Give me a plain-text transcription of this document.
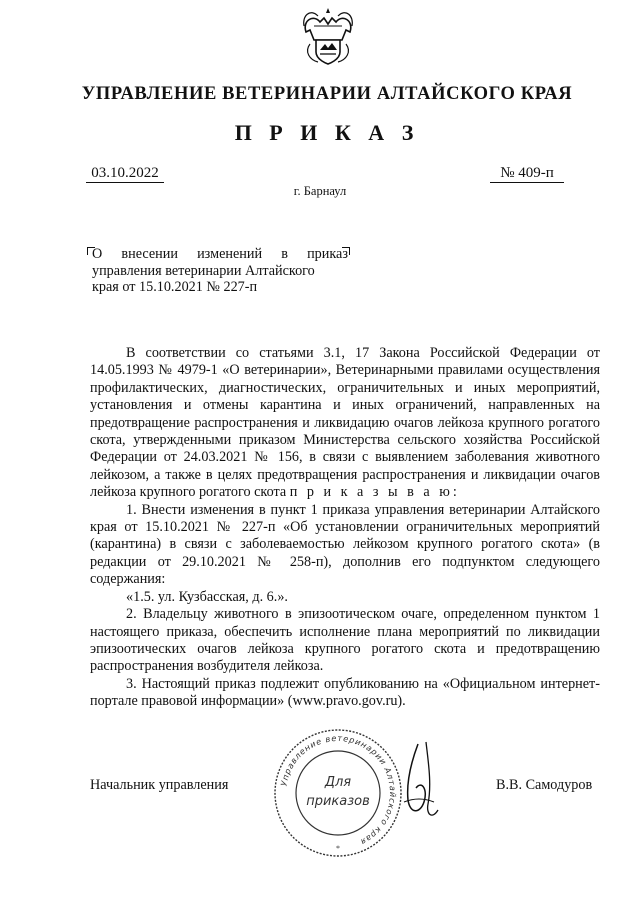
УПРАВЛЕНИЕ ВЕТЕРИНАРИИ АЛТАЙСКОГО КРАЯ
П Р И К А З
03.10.2022	№ 409-п
г. Барнаул
О внесении изменений в приказ
управления ветеринарии Алтайского
края от 15.10.2021 № 227-п

В соответствии со статьями 3.1, 17 Закона Российской Федерации от 14.05.1993 № 4979-1 «О ветеринарии», Ветеринарными правилами осуществления профилактических, диагностических, ограничительных и иных мероприятий, установления и отмены карантина и иных ограничений, направленных на предотвращение распространения и ликвидацию очагов лейкоза крупного рогатого скота, утвержденными приказом Министерства сельского хозяйства Российской Федерации от 24.03.2021 № 156, в связи с выявлением заболевания животного лейкозом, а также в целях предотвращения распространения и ликвидации очагов лейкоза крупного рогатого скота п р и к а з ы в а ю:

1. Внести изменения в пункт 1 приказа управления ветеринарии Алтайского края от 15.10.2021 № 227-п «Об установлении ограничительных мероприятий (карантина) в связи с заболеваемостью лейкозом крупного рогатого скота» (в редакции от 29.10.2021 № 258-п), дополнив его подпунктом следующего содержания:

«1.5. ул. Кузбасская, д. 6.».

2. Владельцу животного в эпизоотическом очаге, определенном пунктом 1 настоящего приказа, обеспечить исполнение плана мероприятий по ликвидации эпизоотических очагов лейкоза крупного рогатого скота и предотвращению распространения возбудителя лейкоза.

3. Настоящий приказ подлежит опубликованию на «Официальном интернет-портале правовой информации» (www.pravo.gov.ru).

Начальник управления	В.В. Самодуров
Управление ветеринарии Алтайского края
Для
приказов
*
